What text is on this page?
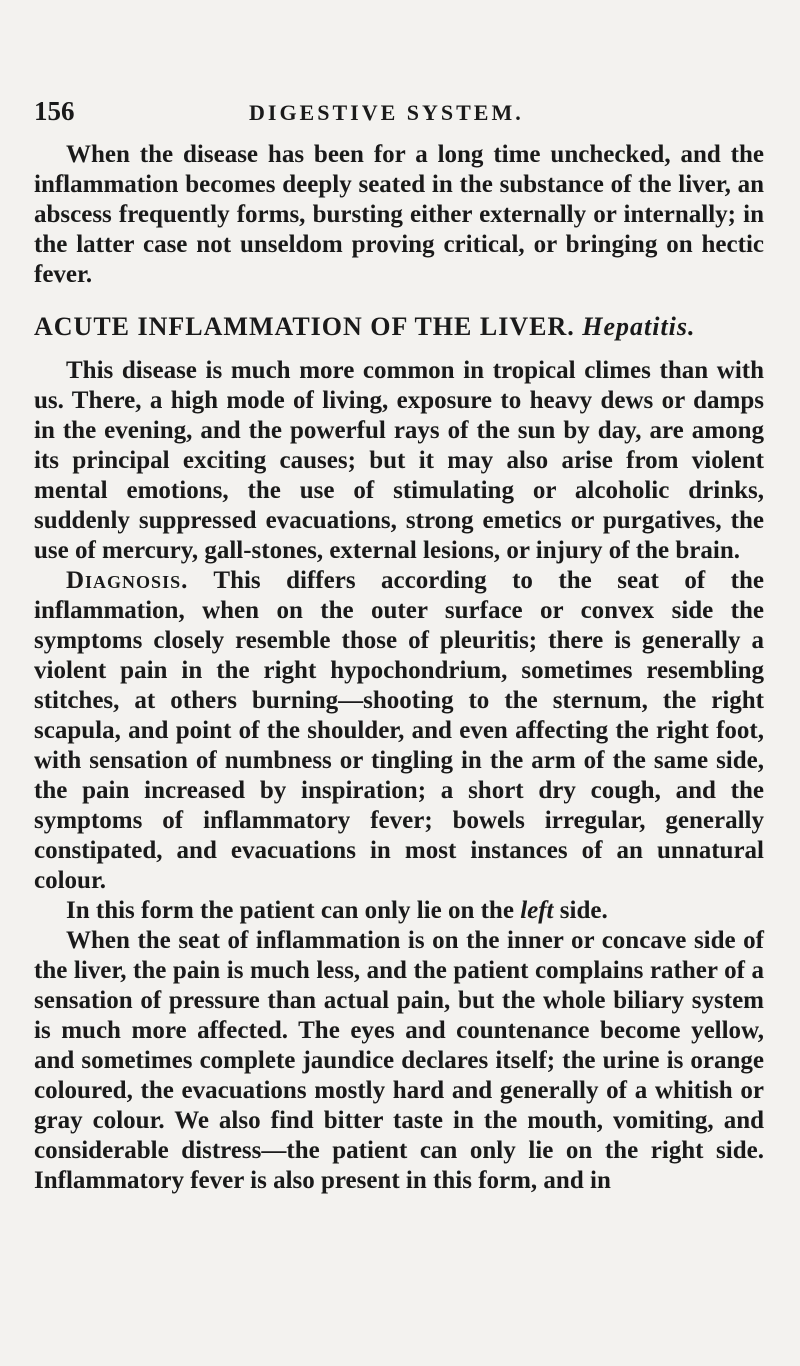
156	DIGESTIVE SYSTEM.

When the disease has been for a long time unchecked, and the inflammation becomes deeply seated in the substance of the liver, an abscess frequently forms, bursting either externally or internally; in the latter case not unseldom proving critical, or bringing on hectic fever.

ACUTE INFLAMMATION OF THE LIVER. Hepatitis.

This disease is much more common in tropical climes than with us. There, a high mode of living, exposure to heavy dews or damps in the evening, and the powerful rays of the sun by day, are among its principal exciting causes; but it may also arise from violent mental emotions, the use of stimulating or alcoholic drinks, suddenly suppressed evacuations, strong emetics or purgatives, the use of mercury, gall-stones, external lesions, or injury of the brain.

Diagnosis. This differs according to the seat of the inflammation, when on the outer surface or convex side the symptoms closely resemble those of pleuritis; there is generally a violent pain in the right hypochondrium, sometimes resembling stitches, at others burning—shooting to the sternum, the right scapula, and point of the shoulder, and even affecting the right foot, with sensation of numbness or tingling in the arm of the same side, the pain increased by inspiration; a short dry cough, and the symptoms of inflammatory fever; bowels irregular, generally constipated, and evacuations in most instances of an unnatural colour.

In this form the patient can only lie on the left side.

When the seat of inflammation is on the inner or concave side of the liver, the pain is much less, and the patient complains rather of a sensation of pressure than actual pain, but the whole biliary system is much more affected. The eyes and countenance become yellow, and sometimes complete jaundice declares itself; the urine is orange coloured, the evacuations mostly hard and generally of a whitish or gray colour. We also find bitter taste in the mouth, vomiting, and considerable distress—the patient can only lie on the right side. Inflammatory fever is also present in this form, and in
